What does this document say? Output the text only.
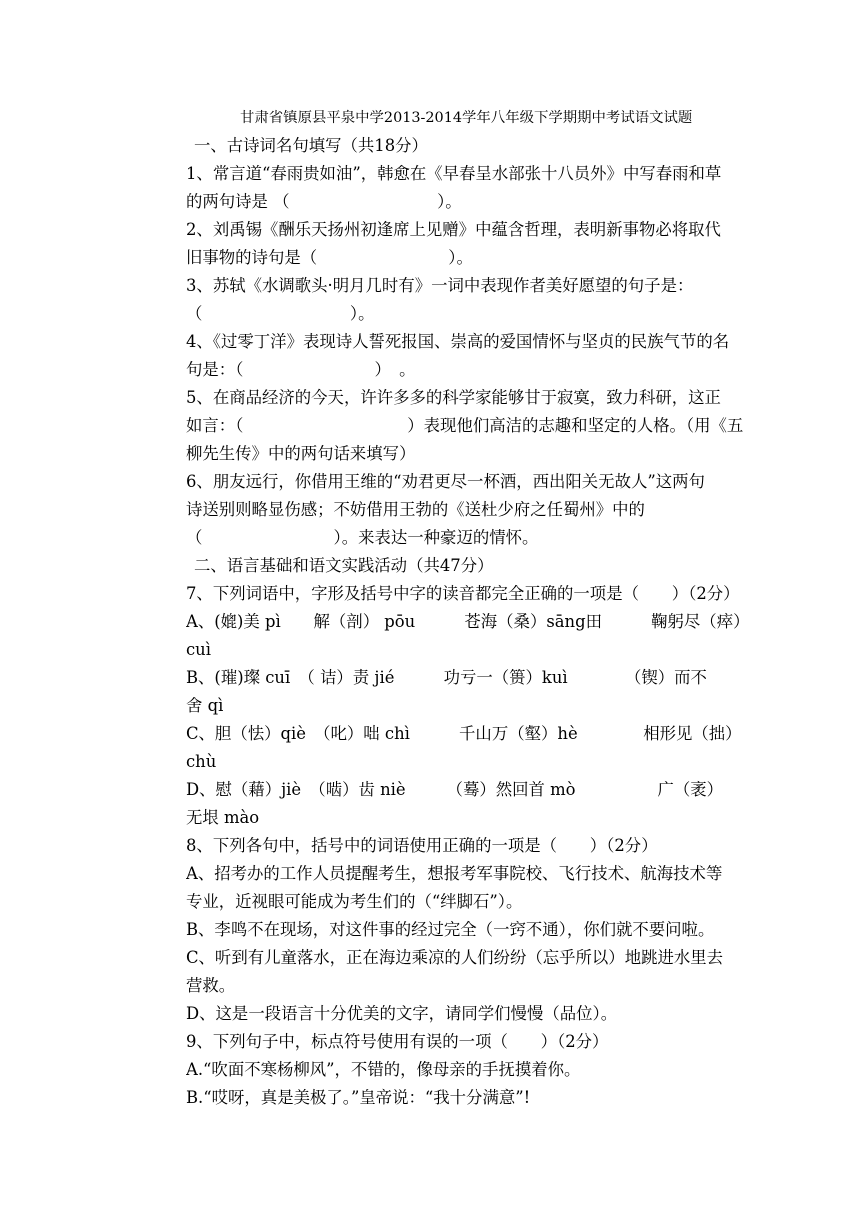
甘肃省镇原县平泉中学2013-2014学年八年级下学期期中考试语文试题
一、古诗词名句填写（共18分）
1、常言道“春雨贵如油”，韩愈在《早春呈水部张十八员外》中写春雨和草
的两句诗是 （　　　　　　　　　）。
2、刘禹锡《酬乐天扬州初逢席上见赠》中蕴含哲理，表明新事物必将取代
旧事物的诗句是（　　　　　　　　）。
3、苏轼《水调歌头·明月几时有》一词中表现作者美好愿望的句子是：
（　　　　　　　　　）。
4、《过零丁洋》表现诗人誓死报国、崇高的爱国情怀与坚贞的民族气节的名
句是：（　　　　　　　　）　。
5、在商品经济的今天，许许多多的科学家能够甘于寂寞，致力科研，这正
如言：（　　　　　　　　　　）表现他们高洁的志趣和坚定的人格。（用《五
柳先生传》中的两句话来填写）
6、朋友远行，你借用王维的“劝君更尽一杯酒，西出阳关无故人”这两句
诗送别则略显伤感；不妨借用王勃的《送杜少府之任蜀州》中的
（　　　　　　　　）。来表达一种豪迈的情怀。
二、语言基础和语文实践活动（共47分）
7、下列词语中，字形及括号中字的读音都完全正确的一项是（　　）（2分）
A、(媲)美 pì　　解（剖） pōu　　　苍海（桑）sāng田　　　鞠躬尽（瘁）
cuì
B、(璀)璨 cuī　（ 诘）责 jié　　　功亏一（篑）kuì　　　　（锲）而不
舍 qì
C、胆（怯）qiè　（叱）咄 chì　　　千山万（壑）hè　　　　相形见（拙）
chù
D、慰（藉）jiè　（啮）齿 niè　　　（蓦）然回首 mò　　　　　广（袤）
无垠 mào
8、下列各句中，括号中的词语使用正确的一项是（　　）（2分）
A、招考办的工作人员提醒考生，想报考军事院校、飞行技术、航海技术等
专业，近视眼可能成为考生们的（“绊脚石”）。
B、李鸣不在现场，对这件事的经过完全（一窍不通），你们就不要问啦。
C、听到有儿童落水，正在海边乘凉的人们纷纷（忘乎所以）地跳进水里去
营救。
D、这是一段语言十分优美的文字，请同学们慢慢（品位）。
9、下列句子中，标点符号使用有误的一项（　　）（2分）
A.“吹面不寒杨柳风”，不错的，像母亲的手抚摸着你。
B.“哎呀，真是美极了。”皇帝说：“我十分满意”!
